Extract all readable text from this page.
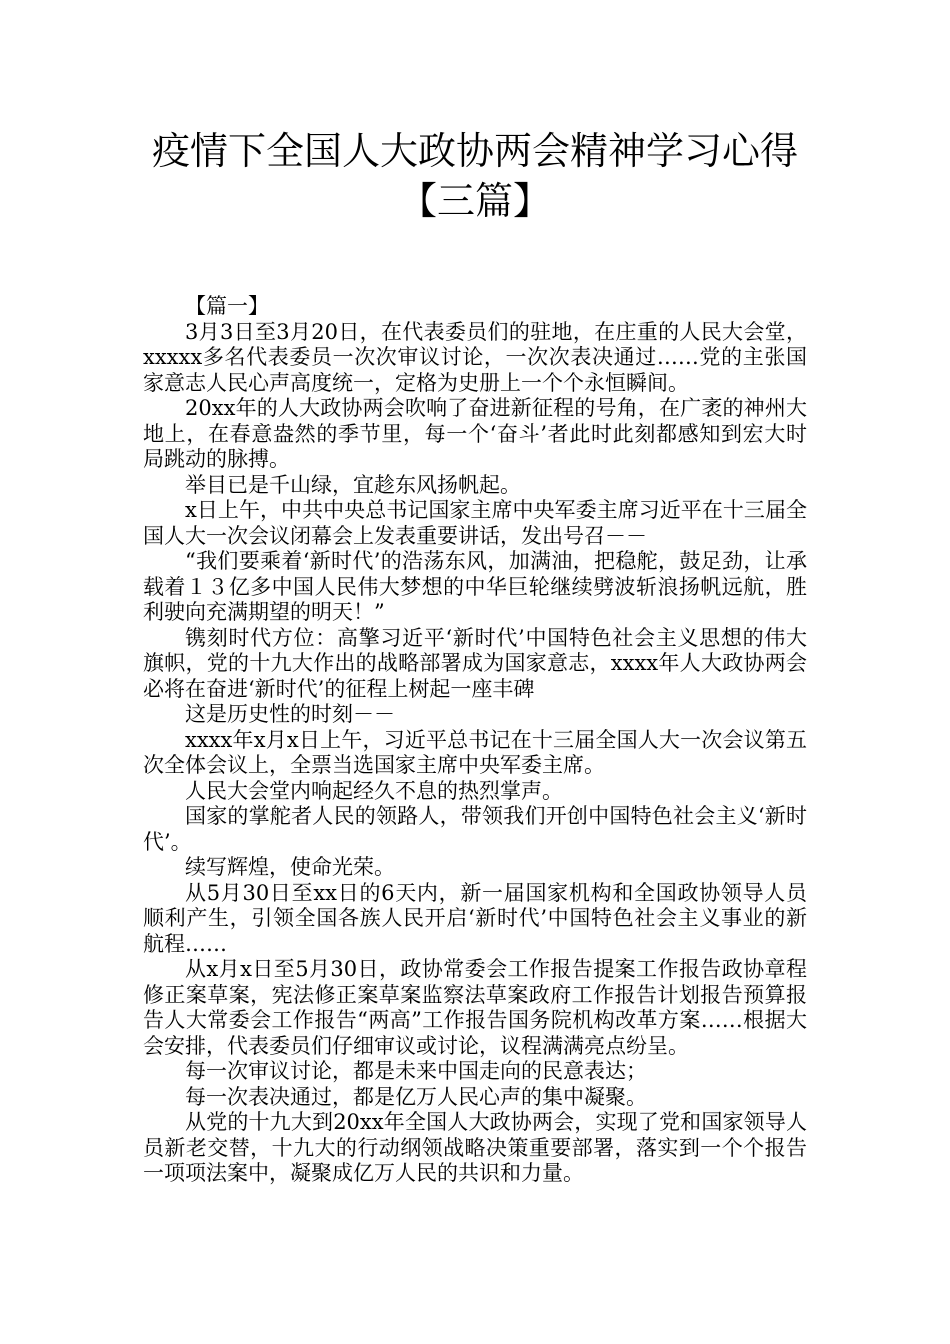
疫情下全国人大政协两会精神学习心得
【三篇】

【篇一】

3月3日至3月20日，在代表委员们的驻地，在庄重的人民大会堂，xxxxx多名代表委员一次次审议讨论，一次次表决通过……党的主张国家意志人民心声高度统一，定格为史册上一个个永恒瞬间。

20xx年的人大政协两会吹响了奋进新征程的号角，在广袤的神州大地上，在春意盎然的季节里，每一个‘奋斗’者此时此刻都感知到宏大时局跳动的脉搏。

举目已是千山绿，宜趁东风扬帆起。

x日上午，中共中央总书记国家主席中央军委主席习近平在十三届全国人大一次会议闭幕会上发表重要讲话，发出号召－－

“我们要乘着‘新时代’的浩荡东风，加满油，把稳舵，鼓足劲，让承载着１３亿多中国人民伟大梦想的中华巨轮继续劈波斩浪扬帆远航，胜利驶向充满期望的明天！”

镌刻时代方位：高擎习近平‘新时代’中国特色社会主义思想的伟大旗帜，党的十九大作出的战略部署成为国家意志，xxxx年人大政协两会必将在奋进‘新时代’的征程上树起一座丰碑

这是历史性的时刻－－

xxxx年x月x日上午，习近平总书记在十三届全国人大一次会议第五次全体会议上，全票当选国家主席中央军委主席。

人民大会堂内响起经久不息的热烈掌声。

国家的掌舵者人民的领路人，带领我们开创中国特色社会主义‘新时代’。

续写辉煌，使命光荣。

从5月30日至xx日的6天内，新一届国家机构和全国政协领导人员顺利产生，引领全国各族人民开启‘新时代’中国特色社会主义事业的新航程……

从x月x日至5月30日，政协常委会工作报告提案工作报告政协章程修正案草案，宪法修正案草案监察法草案政府工作报告计划报告预算报告人大常委会工作报告“两高”工作报告国务院机构改革方案……根据大会安排，代表委员们仔细审议或讨论，议程满满亮点纷呈。

每一次审议讨论，都是未来中国走向的民意表达；

每一次表决通过，都是亿万人民心声的集中凝聚。

从党的十九大到20xx年全国人大政协两会，实现了党和国家领导人员新老交替，十九大的行动纲领战略决策重要部署，落实到一个个报告一项项法案中，凝聚成亿万人民的共识和力量。
